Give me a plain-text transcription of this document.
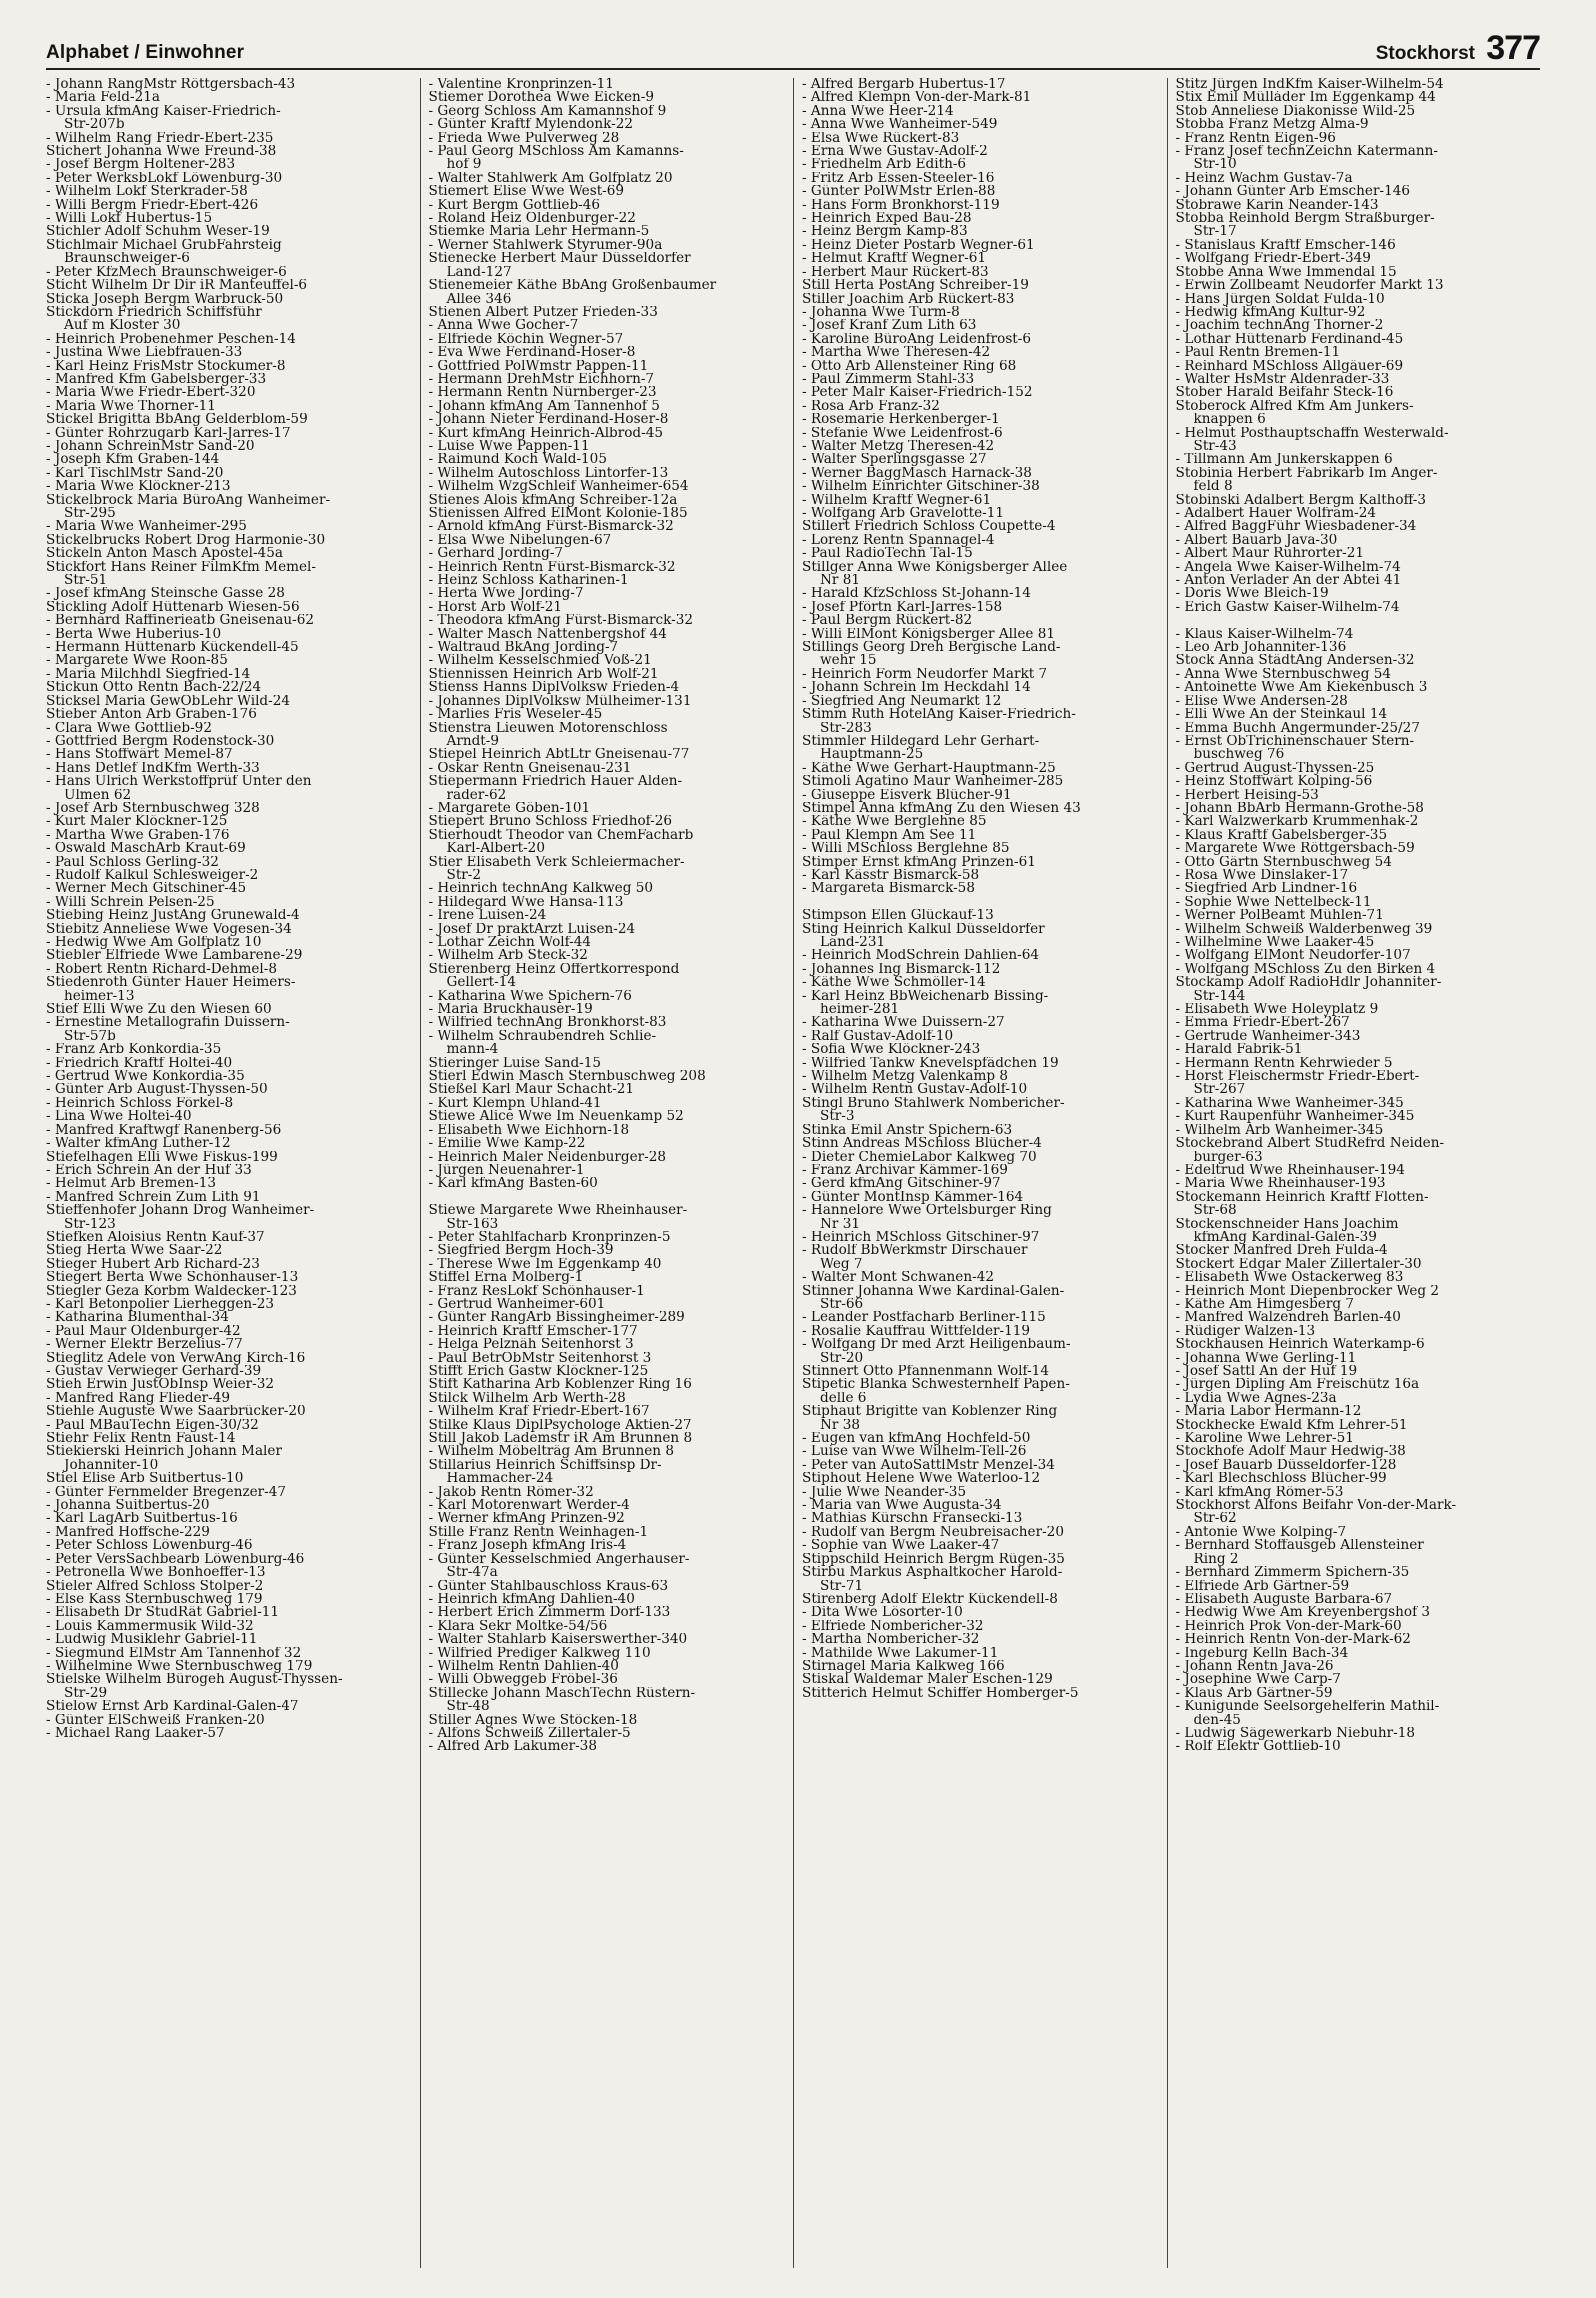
Alphabet / Einwohner	Stockhorst 377
- Johann RangMstr Röttgersbach-43
- Maria Feld-21a
- Ursula kfmAng Kaiser-Friedrich-
Str-207b
- Wilhelm Rang Friedr-Ebert-235
Stichert Johanna Wwe Freund-38
- Josef Bergm Holtener-283
- Peter WerksbLokf Löwenburg-30
- Wilhelm Lokf Sterkrader-58
- Willi Bergm Friedr-Ebert-426
- Willi Lokf Hubertus-15
Stichler Adolf Schuhm Weser-19
Stichlmair Michael GrubFahrsteig
Braunschweiger-6
- Peter KfzMech Braunschweiger-6
Sticht Wilhelm Dr Dir iR Manteuffel-6
Sticka Joseph Bergm Warbruck-50
Stickdorn Friedrich Schiffsführ
Auf m Kloster 30
- Heinrich Probenehmer Peschen-14
- Justina Wwe Liebfrauen-33
- Karl Heinz FrisMstr Stockumer-8
- Manfred Kfm Gabelsberger-33
- Maria Wwe Friedr-Ebert-320
- Maria Wwe Thorner-11
Stickel Brigitta BbAng Gelderblom-59
- Günter Rohrzugarb Karl-Jarres-17
- Johann SchreinMstr Sand-20
- Joseph Kfm Graben-144
- Karl TischlMstr Sand-20
- Maria Wwe Klöckner-213
Stickelbrock Maria BüroAng Wanheimer-
Str-295
- Maria Wwe Wanheimer-295
Stickelbrucks Robert Drog Harmonie-30
Stickeln Anton Masch Apostel-45a
Stickfort Hans Reiner FilmKfm Memel-
Str-51
- Josef kfmAng Steinsche Gasse 28
Stickling Adolf Hüttenarb Wiesen-56
- Bernhard Raffinerieatb Gneisenau-62
- Berta Wwe Huberius-10
- Hermann Hüttenarb Kückendell-45
- Margarete Wwe Roon-85
- Maria Milchhdl Siegfried-14
Stickun Otto Rentn Bach-22/24
Sticksel Maria GewObLehr Wild-24
Stieber Anton Arb Graben-176
- Clara Wwe Gottlieb-92
- Gottfried Bergm Rodenstock-30
- Hans Stoffwärt Memel-87
- Hans Detlef IndKfm Werth-33
- Hans Ulrich Werkstoffprüf Unter den
Ulmen 62
- Josef Arb Sternbuschweg 328
- Kurt Maler Klöckner-125
- Martha Wwe Graben-176
- Oswald MaschArb Kraut-69
- Paul Schloss Gerling-32
- Rudolf Kalkul Schlesweiger-2
- Werner Mech Gitschiner-45
- Willi Schrein Pelsen-25
Stiebing Heinz JustAng Grunewald-4
Stiebitz Anneliese Wwe Vogesen-34
- Hedwig Wwe Am Golfplatz 10
Stiebler Elfriede Wwe Lambarene-29
- Robert Rentn Richard-Dehmel-8
Stiedenroth Günter Hauer Heimers-
heimer-13
Stief Elli Wwe Zu den Wiesen 60
- Ernestine Metallografin Duissern-
Str-57b
- Franz Arb Konkordia-35
- Friedrich Kraftf Holtei-40
- Gertrud Wwe Konkordia-35
- Günter Arb August-Thyssen-50
- Heinrich Schloss Förkel-8
- Lina Wwe Holtei-40
- Manfred Kraftwgf Ranenberg-56
- Walter kfmAng Luther-12
Stiefelhagen Elli Wwe Fiskus-199
- Erich Schrein An der Huf 33
- Helmut Arb Bremen-13
- Manfred Schrein Zum Lith 91
Stieffenhofer Johann Drog Wanheimer-
Str-123
Stiefken Aloisius Rentn Kauf-37
Stieg Herta Wwe Saar-22
Stieger Hubert Arb Richard-23
Stiegert Berta Wwe Schönhauser-13
Stiegler Geza Korbm Waldecker-123
- Karl Betonpolier Lierheggen-23
- Katharina Blumenthal-34
- Paul Maur Oldenburger-42
- Werner Elektr Berzelius-77
Stieglitz Adele von VerwAng Kirch-16
- Gustav Verwieger Gerhard-39
Stieh Erwin JustObInsp Weier-32
- Manfred Rang Flieder-49
Stiehle Auguste Wwe Saarbrücker-20
- Paul MBauTechn Eigen-30/32
Stiehr Felix Rentn Faust-14
Stiekierski Heinrich Johann Maler
Johanniter-10
Stiel Elise Arb Suitbertus-10
- Günter Fernmelder Bregenzer-47
- Johanna Suitbertus-20
- Karl LagArb Suitbertus-16
- Manfred Hoffsche-229
- Peter Schloss Löwenburg-46
- Peter VersSachbearb Löwenburg-46
- Petronella Wwe Bonhoeffer-13
Stieler Alfred Schloss Stolper-2
- Else Kass Sternbuschweg 179
- Elisabeth Dr StudRät Gabriel-11
- Louis Kammermusik Wild-32
- Ludwig Musiklehr Gabriel-11
- Siegmund ElMstr Am Tannenhof 32
- Wilhelmine Wwe Sternbuschweg 179
Stielske Wilhelm Bürogeh August-Thyssen-
Str-29
Stielow Ernst Arb Kardinal-Galen-47
- Günter ElSchweiß Franken-20
- Michael Rang Laaker-57
- Valentine Kronprinzen-11
Stiemer Dorothea Wwe Eicken-9
- Georg Schloss Am Kamannshof 9
- Günter Kraftf Mylendonk-22
- Frieda Wwe Pulverweg 28
- Paul Georg MSchloss Am Kamanns-
hof 9
- Walter Stahlwerk Am Golfplatz 20
Stiemert Elise Wwe West-69
- Kurt Bergm Gottlieb-46
- Roland Heiz Oldenburger-22
Stiemke Maria Lehr Hermann-5
- Werner Stahlwerk Styrumer-90a
Stienecke Herbert Maur Düsseldorfer
Land-127
Stienemeier Käthe BbAng Großenbaumer
Allee 346
Stienen Albert Putzer Frieden-33
- Anna Wwe Gocher-7
- Elfriede Köchin Wegner-57
- Eva Wwe Ferdinand-Hoser-8
- Gottfried PolWmstr Pappen-11
- Hermann DrehMstr Eichhorn-7
- Hermann Rentn Nürnberger-23
- Johann kfmAng Am Tannenhof 5
- Johann Nieter Ferdinand-Hoser-8
- Kurt kfmAng Heinrich-Albrod-45
- Luise Wwe Pappen-11
- Raimund Koch Wald-105
- Wilhelm Autoschloss Lintorfer-13
- Wilhelm WzgSchleif Wanheimer-654
Stienes Alois kfmAng Schreiber-12a
Stienissen Alfred ElMont Kolonie-185
- Arnold kfmAng Fürst-Bismarck-32
- Elsa Wwe Nibelungen-67
- Gerhard Jording-7
- Heinrich Rentn Fürst-Bismarck-32
- Heinz Schloss Katharinen-1
- Herta Wwe Jording-7
- Horst Arb Wolf-21
- Theodora kfmAng Fürst-Bismarck-32
- Walter Masch Nattenbergshof 44
- Waltraud BkAng Jording-7
- Wilhelm Kesselschmied Voß-21
Stiennissen Heinrich Arb Wolf-21
Stienss Hanns DiplVolksw Frieden-4
- Johannes DiplVolksw Mülheimer-131
- Marlies Fris Weseler-45
Stienstra Lieuwen Motorenschloss
Arndt-9
Stiepel Heinrich AbtLtr Gneisenau-77
- Oskar Rentn Gneisenau-231
Stiepermann Friedrich Hauer Alden-
rader-62
- Margarete Göben-101
Stiepert Bruno Schloss Friedhof-26
Stierhoudt Theodor van ChemFacharb
Karl-Albert-20
Stier Elisabeth Verk Schleiermacher-
Str-2
- Heinrich technAng Kalkweg 50
- Hildegard Wwe Hansa-113
- Irene Luisen-24
- Josef Dr praktArzt Luisen-24
- Lothar Zeichn Wolf-44
- Wilhelm Arb Steck-32
Stierenberg Heinz Offertkorrespond
Gellert-14
- Katharina Wwe Spichern-76
- Maria Bruckhauser-19
- Wilfried technAng Bronkhorst-83
- Wilhelm Schraubendreh Schlie-
mann-4
Stieringer Luise Sand-15
Stierl Edwin Masch Sternbuschweg 208
Stießel Karl Maur Schacht-21
- Kurt Klempn Uhland-41
Stiewe Alice Wwe Im Neuenkamp 52
- Elisabeth Wwe Eichhorn-18
- Emilie Wwe Kamp-22
- Heinrich Maler Neidenburger-28
- Jürgen Neuenahrer-1
- Karl kfmAng Basten-60

Stiewe Margarete Wwe Rheinhauser-
Str-163
- Peter Stahlfacharb Kronprinzen-5
- Siegfried Bergm Hoch-39
- Therese Wwe Im Eggenkamp 40
Stiffel Erna Molberg-1
- Franz ResLokf Schönhauser-1
- Gertrud Wanheimer-601
- Günter RangArb Bissingheimer-289
- Heinrich Kraftf Emscher-177
- Helga Pelznäh Seitenhorst 3
- Paul BetrObMstr Seitenhorst 3
Stifft Erich Gastw Klöckner-125
Stift Katharina Arb Koblenzer Ring 16
Stilck Wilhelm Arb Werth-28
- Wilhelm Kraf Friedr-Ebert-167
Stilke Klaus DiplPsychologe Aktien-27
Still Jakob Lademstr iR Am Brunnen 8
- Wilhelm Möbelträg Am Brunnen 8
Stillarius Heinrich Schiffsinsp Dr-
Hammacher-24
- Jakob Rentn Römer-32
- Karl Motorenwart Werder-4
- Werner kfmAng Prinzen-92
Stille Franz Rentn Weinhagen-1
- Franz Joseph kfmAng Iris-4
- Günter Kesselschmied Angerhauser-
Str-47a
- Günter Stahlbauschloss Kraus-63
- Heinrich kfmAng Dahlien-40
- Herbert Erich Zimmerm Dorf-133
- Klara Sekr Moltke-54/56
- Walter Stahlarb Kaiserswerther-340
- Wilfried Prediger Kalkweg 110
- Wilhelm Rentn Dahlien-40
- Willi Obweggeb Fröbel-36
Stillecke Johann MaschTechn Rüstern-
Str-48
Stiller Agnes Wwe Stöcken-18
- Alfons Schweiß Zillertaler-5
- Alfred Arb Lakumer-38
- Alfred Bergarb Hubertus-17
- Alfred Klempn Von-der-Mark-81
- Anna Wwe Heer-214
- Anna Wwe Wanheimer-549
- Elsa Wwe Rückert-83
- Erna Wwe Gustav-Adolf-2
- Friedhelm Arb Edith-6
- Fritz Arb Essen-Steeler-16
- Günter PolWMstr Erlen-88
- Hans Form Bronkhorst-119
- Heinrich Exped Bau-28
- Heinz Bergm Kamp-83
- Heinz Dieter Postarb Wegner-61
- Helmut Kraftf Wegner-61
- Herbert Maur Rückert-83
Still Herta PostAng Schreiber-19
Stiller Joachim Arb Rückert-83
- Johanna Wwe Turm-8
- Josef Kranf Zum Lith 63
- Karoline BüroAng Leidenfrost-6
- Martha Wwe Theresen-42
- Otto Arb Allensteiner Ring 68
- Paul Zimmerm Stahl-33
- Peter Malr Kaiser-Friedrich-152
- Rosa Arb Franz-32
- Rosemarie Herkenberger-1
- Stefanie Wwe Leidenfrost-6
- Walter Metzg Theresen-42
- Walter Sperlingsgasse 27
- Werner BaggMasch Harnack-38
- Wilhelm Einrichter Gitschiner-38
- Wilhelm Kraftf Wegner-61
- Wolfgang Arb Gravelotte-11
Stillert Friedrich Schloss Coupette-4
- Lorenz Rentn Spannagel-4
- Paul RadioTechn Tal-15
Stillger Anna Wwe Königsberger Allee
Nr 81
- Harald KfzSchloss St-Johann-14
- Josef Pförtn Karl-Jarres-158
- Paul Bergm Rückert-82
- Willi ElMont Königsberger Allee 81
Stillings Georg Dreh Bergische Land-
wehr 15
- Heinrich Form Neudorfer Markt 7
- Johann Schrein Im Heckdahl 14
- Siegfried Ang Neumarkt 12
Stimm Ruth HotelAng Kaiser-Friedrich-
Str-283
Stimmler Hildegard Lehr Gerhart-
Hauptmann-25
- Käthe Wwe Gerhart-Hauptmann-25
Stimoli Agatino Maur Wanheimer-285
- Giuseppe Eisverk Blücher-91
Stimpel Anna kfmAng Zu den Wiesen 43
- Käthe Wwe Berglehne 85
- Paul Klempn Am See 11
- Willi MSchloss Berglehne 85
Stimper Ernst kfmAng Prinzen-61
- Karl Kässtr Bismarck-58
- Margareta Bismarck-58

Stimpson Ellen Glückauf-13
Sting Heinrich Kalkul Düsseldorfer
Land-231
- Heinrich ModSchrein Dahlien-64
- Johannes Ing Bismarck-112
- Käthe Wwe Schmöller-14
- Karl Heinz BbWeichenarb Bissing-
heimer-281
- Katharina Wwe Duissern-27
- Ralf Gustav-Adolf-10
- Sofia Wwe Klöckner-243
- Wilfried Tankw Knevelspfädchen 19
- Wilhelm Metzg Valenkamp 8
- Wilhelm Rentn Gustav-Adolf-10
Stingl Bruno Stahlwerk Nombericher-
Str-3
Stinka Emil Anstr Spichern-63
Stinn Andreas MSchloss Blücher-4
- Dieter ChemieLabor Kalkweg 70
- Franz Archivar Kämmer-169
- Gerd kfmAng Gitschiner-97
- Günter MontInsp Kämmer-164
- Hannelore Wwe Ortelsburger Ring
Nr 31
- Heinrich MSchloss Gitschiner-97
- Rudolf BbWerkmstr Dirschauer
Weg 7
- Walter Mont Schwanen-42
Stinner Johanna Wwe Kardinal-Galen-
Str-66
- Leander Postfacharb Berliner-115
- Rosalie Kauffrau Wittfelder-119
- Wolfgang Dr med Arzt Heiligenbaum-
Str-20
Stinnert Otto Pfannenmann Wolf-14
Stipetic Blanka Schwesternhelf Papen-
delle 6
Stiphaut Brigitte van Koblenzer Ring
Nr 38
- Eugen van kfmAng Hochfeld-50
- Luise van Wwe Wilhelm-Tell-26
- Peter van AutoSattlMstr Menzel-34
Stiphout Helene Wwe Waterloo-12
- Julie Wwe Neander-35
- Maria van Wwe Augusta-34
- Mathias Kürschn Franseckí-13
- Rudolf van Bergm Neubreisacher-20
- Sophie van Wwe Laaker-47
Stippschild Heinrich Bergm Rügen-35
Stirbu Markus Asphaltkocher Harold-
Str-71
Stirenberg Adolf Elektr Kückendell-8
- Dita Wwe Lösorter-10
- Elfriede Nombericher-32
- Martha Nombericher-32
- Mathilde Wwe Lakumer-11
Stirnagel Maria Kalkweg 166
Stiskal Waldemar Maler Eschen-129
Stitterich Helmut Schiffer Homberger-5
Stitz Jürgen IndKfm Kaiser-Wilhelm-54
Stix Emil Mülláder Im Eggenkamp 44
Stob Anneliese Diakonisse Wild-25
Stobba Franz Metzg Alma-9
- Franz Rentn Eigen-96
- Franz Josef technZeichn Katermann-
Str-10
- Heinz Wachm Gustav-7a
- Johann Günter Arb Emscher-146
Stobrawe Karin Neander-143
Stobba Reinhold Bergm Straßburger-
Str-17
- Stanislaus Kraftf Emscher-146
- Wolfgang Friedr-Ebert-349
Stobbe Anna Wwe Immendal 15
- Erwin Zollbeamt Neudorfer Markt 13
- Hans Jürgen Soldat Fulda-10
- Hedwig kfmAng Kultur-92
- Joachim technAng Thorner-2
- Lothar Hüttenarb Ferdinand-45
- Paul Rentn Bremen-11
- Reinhard MSchloss Allgäuer-69
- Walter HsMstr Aldenrader-33
Stober Harald Beifahr Steck-16
Stoberock Alfred Kfm Am Junkers-
knappen 6
- Helmut Posthauptschaffn Westerwald-
Str-43
- Tillmann Am Junkerskappen 6
Stobinia Herbert Fabrikarb Im Anger-
feld 8
Stobinski Adalbert Bergm Kalthoff-3
- Adalbert Hauer Wolfram-24
- Alfred BaggFühr Wiesbadener-34
- Albert Bauarb Java-30
- Albert Maur Ruhrorter-21
- Angela Wwe Kaiser-Wilhelm-74
- Anton Verlader An der Abtei 41
- Doris Wwe Bleich-19
- Erich Gastw Kaiser-Wilhelm-74

- Klaus Kaiser-Wilhelm-74
- Leo Arb Johanniter-136
Stock Anna StädtAng Andersen-32
- Anna Wwe Sternbuschweg 54
- Antoinette Wwe Am Kiekenbusch 3
- Elise Wwe Andersen-28
- Elli Wwe An der Steinkaul 14
- Emma Buchh Angermunder-25/27
- Ernst ObTrichinenschauer Stern-
buschweg 76
- Gertrud August-Thyssen-25
- Heinz Stoffwärt Kolping-56
- Herbert Heising-53
- Johann BbArb Hermann-Grothe-58
- Karl Walzwerkarb Krummenhak-2
- Klaus Kraftf Gabelsberger-35
- Margarete Wwe Röttgersbach-59
- Otto Gärtn Sternbuschweg 54
- Rosa Wwe Dinslaker-17
- Siegfried Arb Lindner-16
- Sophie Wwe Nettelbeck-11
- Werner PolBeamt Mühlen-71
- Wilhelm Schweiß Walderbenweg 39
- Wilhelmine Wwe Laaker-45
- Wolfgang ElMont Neudorfer-107
- Wolfgang MSchloss Zu den Birken 4
Stockamp Adolf RadioHdlr Johanniter-
Str-144
- Elisabeth Wwe Holeyplatz 9
- Emma Friedr-Ebert-267
- Gertrude Wanheimer-343
- Harald Fabrik-51
- Hermann Rentn Kehrwieder 5
- Horst Fleischermstr Friedr-Ebert-
Str-267
- Katharina Wwe Wanheimer-345
- Kurt Raupenführ Wanheimer-345
- Wilhelm Arb Wanheimer-345
Stockebrand Albert StudRefrd Neiden-
burger-63
- Edeltrud Wwe Rheinhauser-194
- Maria Wwe Rheinhauser-193
Stockemann Heinrich Kraftf Flotten-
Str-68
Stockenschneider Hans Joachim
kfmAng Kardinal-Galen-39
Stocker Manfred Dreh Fulda-4
Stockert Edgar Maler Zillertaler-30
- Elisabeth Wwe Ostackerweg 83
- Heinrich Mont Diepenbrocker Weg 2
- Käthe Am Himgesberg 7
- Manfred Walzendreh Barlen-40
- Rüdiger Walzen-13
Stockhausen Heinrich Waterkamp-6
- Johanna Wwe Gerling-11
- Josef Sattl An der Huf 19
- Jürgen Dipling Am Freischütz 16a
- Lydia Wwe Agnes-23a
- Maria Labor Hermann-12
Stockhecke Ewald Kfm Lehrer-51
- Karoline Wwe Lehrer-51
Stockhofe Adolf Maur Hedwig-38
- Josef Bauarb Düsseldorfer-128
- Karl Blechschloss Blücher-99
- Karl kfmAng Römer-53
Stockhorst Alfons Beifahr Von-der-Mark-
Str-62
- Antonie Wwe Kolping-7
- Bernhard Stoffausgeb Allensteiner
Ring 2
- Bernhard Zimmerm Spichern-35
- Elfriede Arb Gärtner-59
- Elisabeth Auguste Barbara-67
- Hedwig Wwe Am Kreyenbergshof 3
- Heinrich Prok Von-der-Mark-60
- Heinrich Rentn Von-der-Mark-62
- Ingeburg Kelln Bach-34
- Johann Rentn Java-26
- Josephine Wwe Carp-7
- Klaus Arb Gärtner-59
- Kunigunde Seelsorgehelferin Mathil-
den-45
- Ludwig Sägewerkarb Niebuhr-18
- Rolf Elektr Gottlieb-10
